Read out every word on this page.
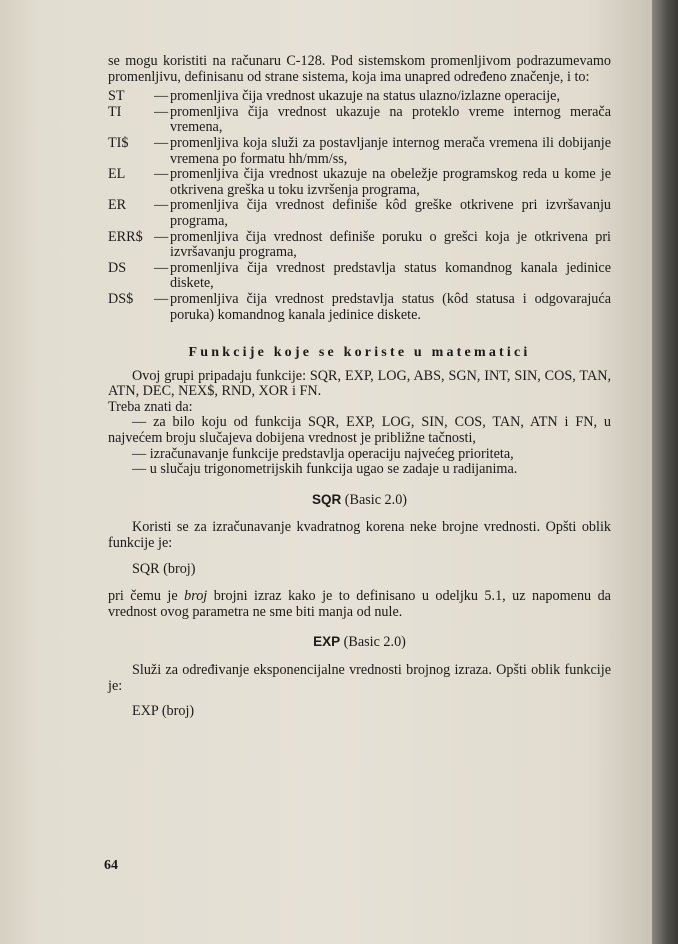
se mogu koristiti na računaru C-128. Pod sistemskom promenljivom podrazumevamo promenljivu, definisanu od strane sistema, koja ima unapred određeno značenje, i to:

ST	— promenljiva čija vrednost ukazuje na status ulazno/izlazne operacije,
TI	— promenljiva čija vrednost ukazuje na proteklo vreme internog merača vremena,
TI$	— promenljiva koja služi za postavljanje internog merača vremena ili dobijanje vremena po formatu hh/mm/ss,
EL	— promenljiva čija vrednost ukazuje na obeležje programskog reda u kome je otkrivena greška u toku izvršenja programa,
ER	— promenljiva čija vrednost definiše kôd greške otkrivene pri izvršavanju programa,
ERR$ — promenljiva čija vrednost definiše poruku o grešci koja je otkrivena pri izvršavanju programa,
DS	— promenljiva čija vrednost predstavlja status komandnog kanala jedinice diskete,
DS$	— promenljiva čija vrednost predstavlja status (kôd statusa i odgovarajuća poruka) komandnog kanala jedinice diskete.
Funkcije koje se koriste u matematici

Ovoj grupi pripadaju funkcije: SQR, EXP, LOG, ABS, SGN, INT, SIN, COS, TAN, ATN, DEC, NEX$, RND, XOR i FN.

Treba znati da:

— za bilo koju od funkcija SQR, EXP, LOG, SIN, COS, TAN, ATN i FN, u najvećem broju slučajeva dobijena vrednost je približne tačnosti,

— izračunavanje funkcije predstavlja operaciju najvećeg prioriteta,

— u slučaju trigonometrijskih funkcija ugao se zadaje u radijanima.

SQR (Basic 2.0)

Koristi se za izračunavanje kvadratnog korena neke brojne vrednosti. Opšti oblik funkcije je:

SQR (broj)

pri čemu je broj brojni izraz kako je to definisano u odeljku 5.1, uz napomenu da vrednost ovog parametra ne sme biti manja od nule.

EXP (Basic 2.0)

Služi za određivanje eksponencijalne vrednosti brojnog izraza. Opšti oblik funkcije je:

EXP (broj)
64
